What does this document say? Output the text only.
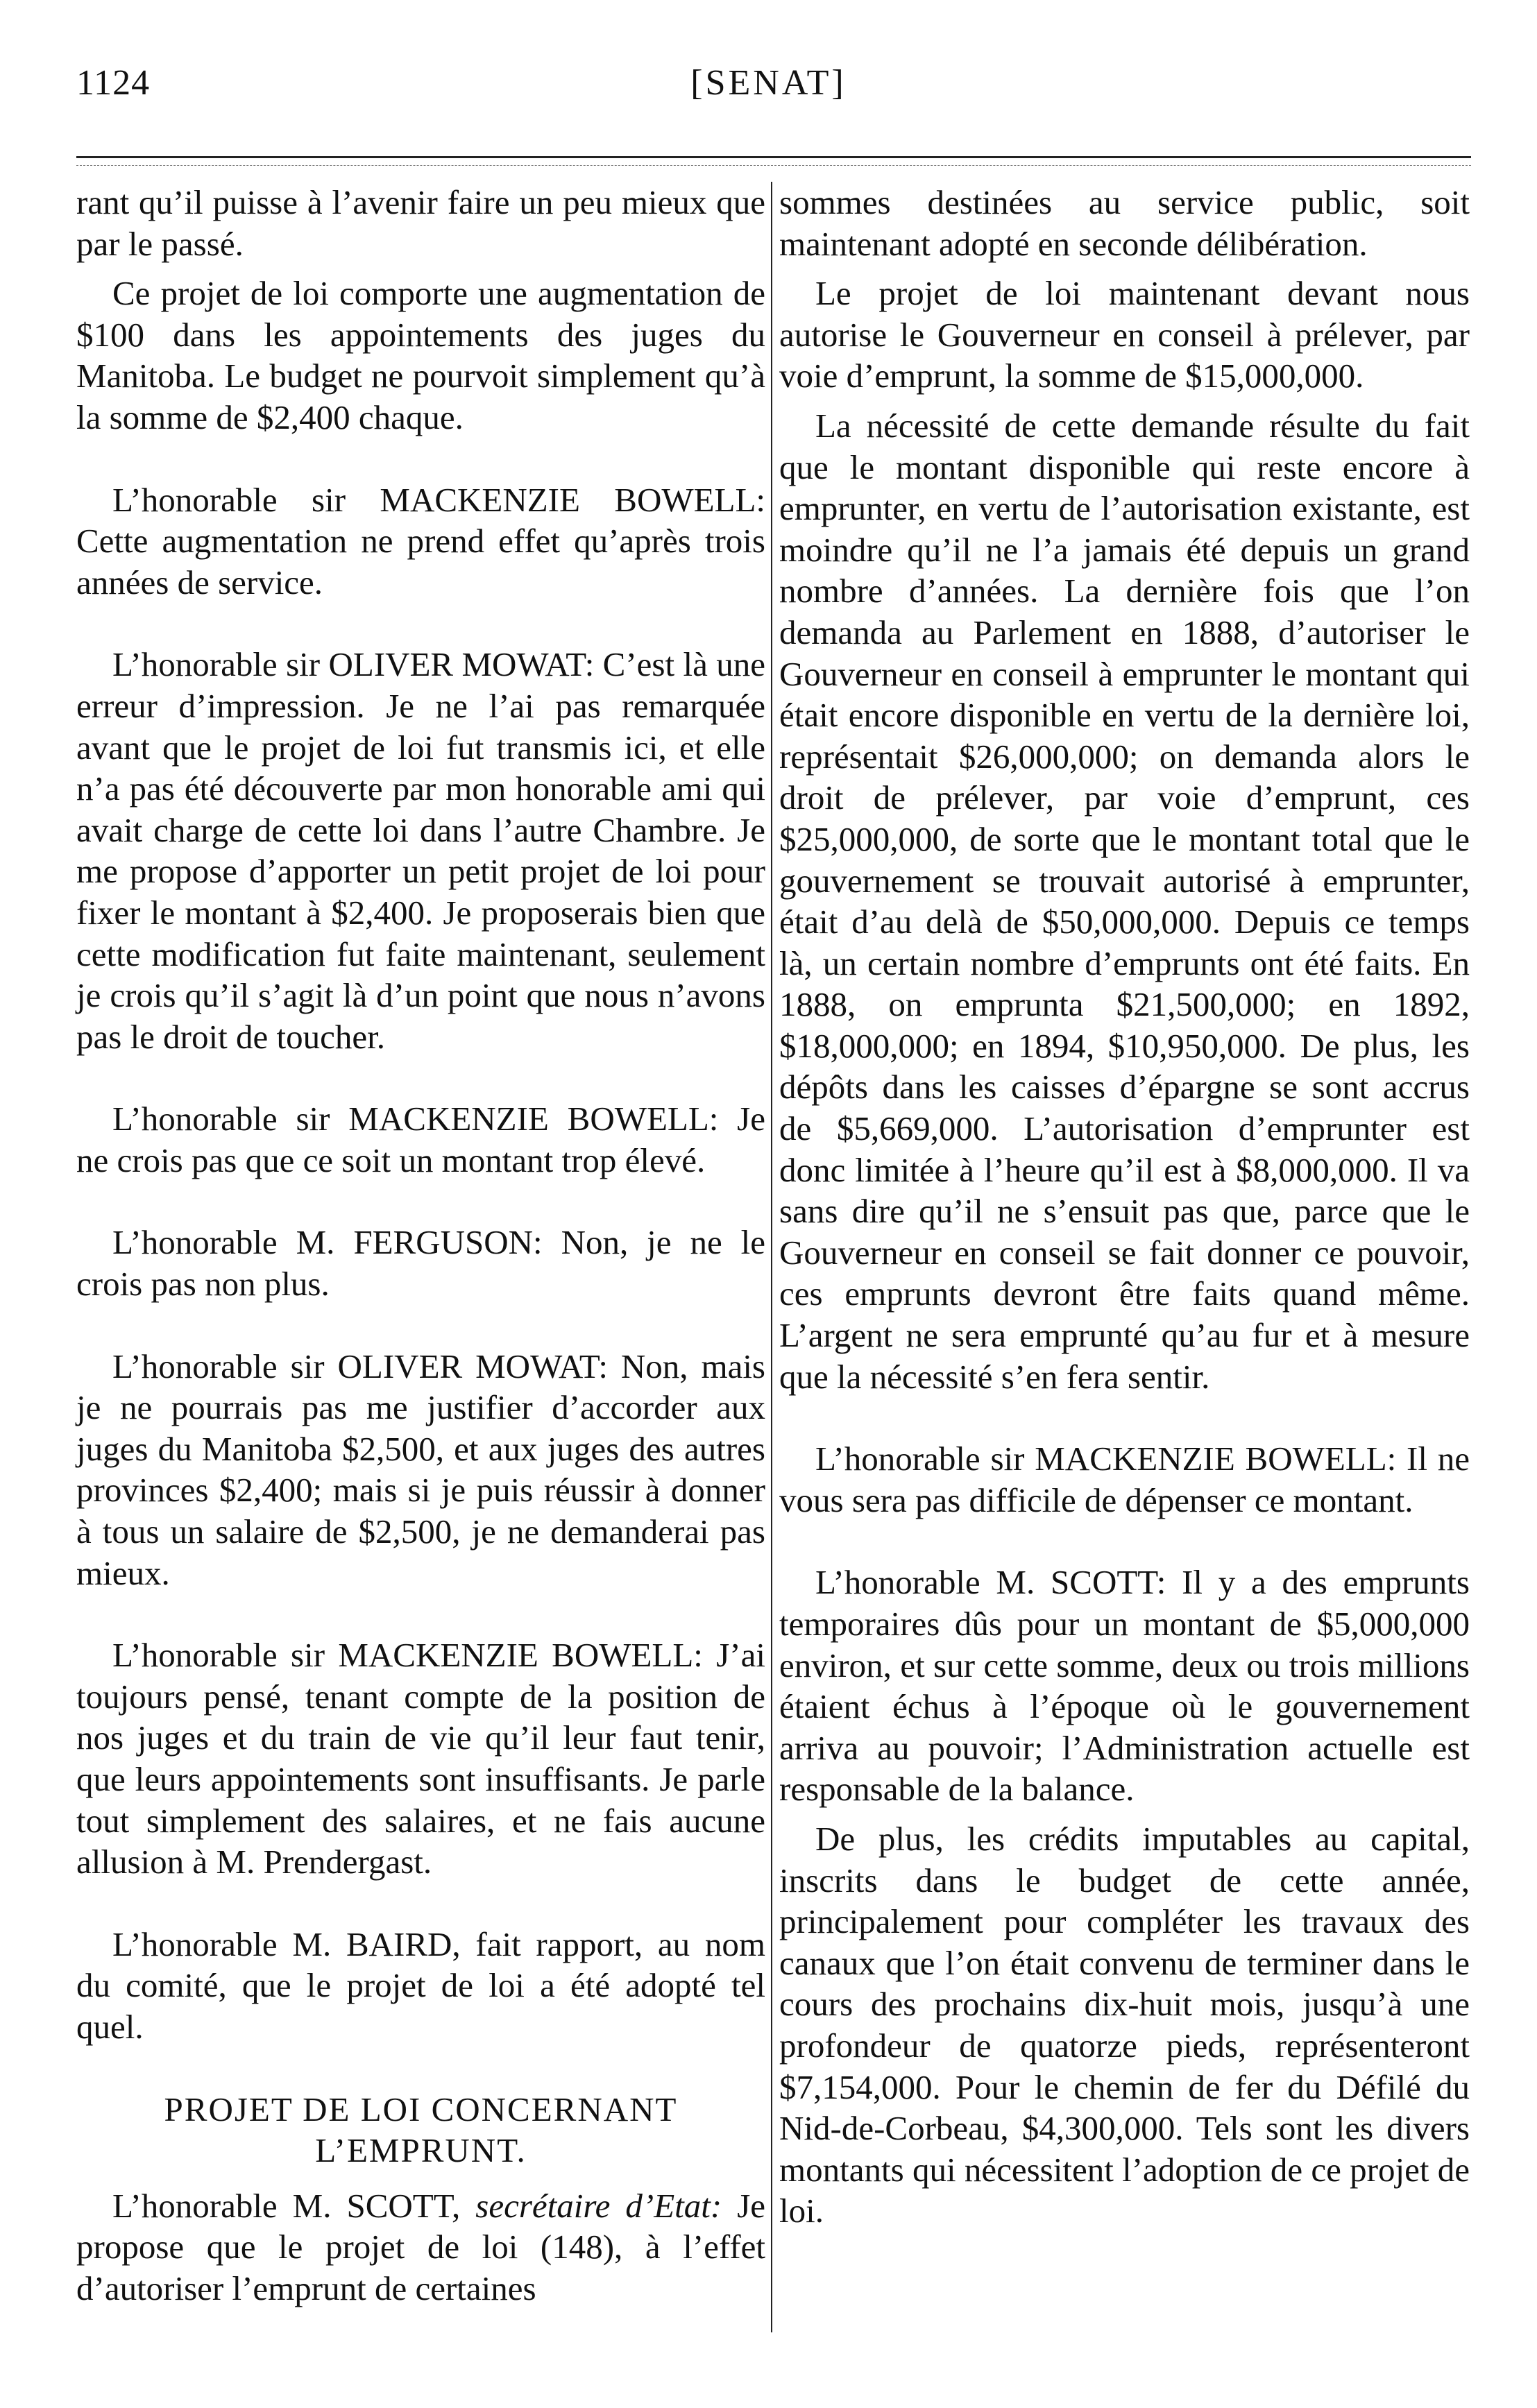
1124	[SENAT]

rant qu’il puisse à l’avenir faire un peu mieux que par le passé.

Ce projet de loi comporte une augmentation de $100 dans les appointements des juges du Manitoba. Le budget ne pourvoit simplement qu’à la somme de $2,400 chaque.

L’honorable sir MACKENZIE BOWELL: Cette augmentation ne prend effet qu’après trois années de service.

L’honorable sir OLIVER MOWAT: C’est là une erreur d’impression. Je ne l’ai pas remarquée avant que le projet de loi fut transmis ici, et elle n’a pas été découverte par mon honorable ami qui avait charge de cette loi dans l’autre Chambre. Je me propose d’apporter un petit projet de loi pour fixer le montant à $2,400. Je proposerais bien que cette modification fut faite maintenant, seulement je crois qu’il s’agit là d’un point que nous n’avons pas le droit de toucher.

L’honorable sir MACKENZIE BOWELL: Je ne crois pas que ce soit un montant trop élevé.

L’honorable M. FERGUSON: Non, je ne le crois pas non plus.

L’honorable sir OLIVER MOWAT: Non, mais je ne pourrais pas me justifier d’accorder aux juges du Manitoba $2,500, et aux juges des autres provinces $2,400; mais si je puis réussir à donner à tous un salaire de $2,500, je ne demanderai pas mieux.

L’honorable sir MACKENZIE BOWELL: J’ai toujours pensé, tenant compte de la position de nos juges et du train de vie qu’il leur faut tenir, que leurs appointements sont insuffisants. Je parle tout simplement des salaires, et ne fais aucune allusion à M. Prendergast.

L’honorable M. BAIRD, fait rapport, au nom du comité, que le projet de loi a été adopté tel quel.

PROJET DE LOI CONCERNANT
L’EMPRUNT.

L’honorable M. SCOTT, secrétaire d’Etat: Je propose que le projet de loi (148), à l’effet d’autoriser l’emprunt de certaines

sommes destinées au service public, soit maintenant adopté en seconde délibération.

Le projet de loi maintenant devant nous autorise le Gouverneur en conseil à prélever, par voie d’emprunt, la somme de $15,000,000.

La nécessité de cette demande résulte du fait que le montant disponible qui reste encore à emprunter, en vertu de l’autorisation existante, est moindre qu’il ne l’a jamais été depuis un grand nombre d’années. La dernière fois que l’on demanda au Parlement en 1888, d’autoriser le Gouverneur en conseil à emprunter le montant qui était encore disponible en vertu de la dernière loi, représentait $26,000,000; on demanda alors le droit de prélever, par voie d’emprunt, ces $25,000,000, de sorte que le montant total que le gouvernement se trouvait autorisé à emprunter, était d’au delà de $50,000,000. Depuis ce temps là, un certain nombre d’emprunts ont été faits. En 1888, on emprunta $21,500,000; en 1892, $18,000,000; en 1894, $10,950,000. De plus, les dépôts dans les caisses d’épargne se sont accrus de $5,669,000. L’autorisation d’emprunter est donc limitée à l’heure qu’il est à $8,000,000. Il va sans dire qu’il ne s’ensuit pas que, parce que le Gouverneur en conseil se fait donner ce pouvoir, ces emprunts devront être faits quand même. L’argent ne sera emprunté qu’au fur et à mesure que la nécessité s’en fera sentir.

L’honorable sir MACKENZIE BOWELL: Il ne vous sera pas difficile de dépenser ce montant.

L’honorable M. SCOTT: Il y a des emprunts temporaires dûs pour un montant de $5,000,000 environ, et sur cette somme, deux ou trois millions étaient échus à l’époque où le gouvernement arriva au pouvoir; l’Administration actuelle est responsable de la balance.

De plus, les crédits imputables au capital, inscrits dans le budget de cette année, principalement pour compléter les travaux des canaux que l’on était convenu de terminer dans le cours des prochains dix-huit mois, jusqu’à une profondeur de quatorze pieds, représenteront $7,154,000. Pour le chemin de fer du Défilé du Nid-de-Corbeau, $4,300,000. Tels sont les divers montants qui nécessitent l’adoption de ce projet de loi.
